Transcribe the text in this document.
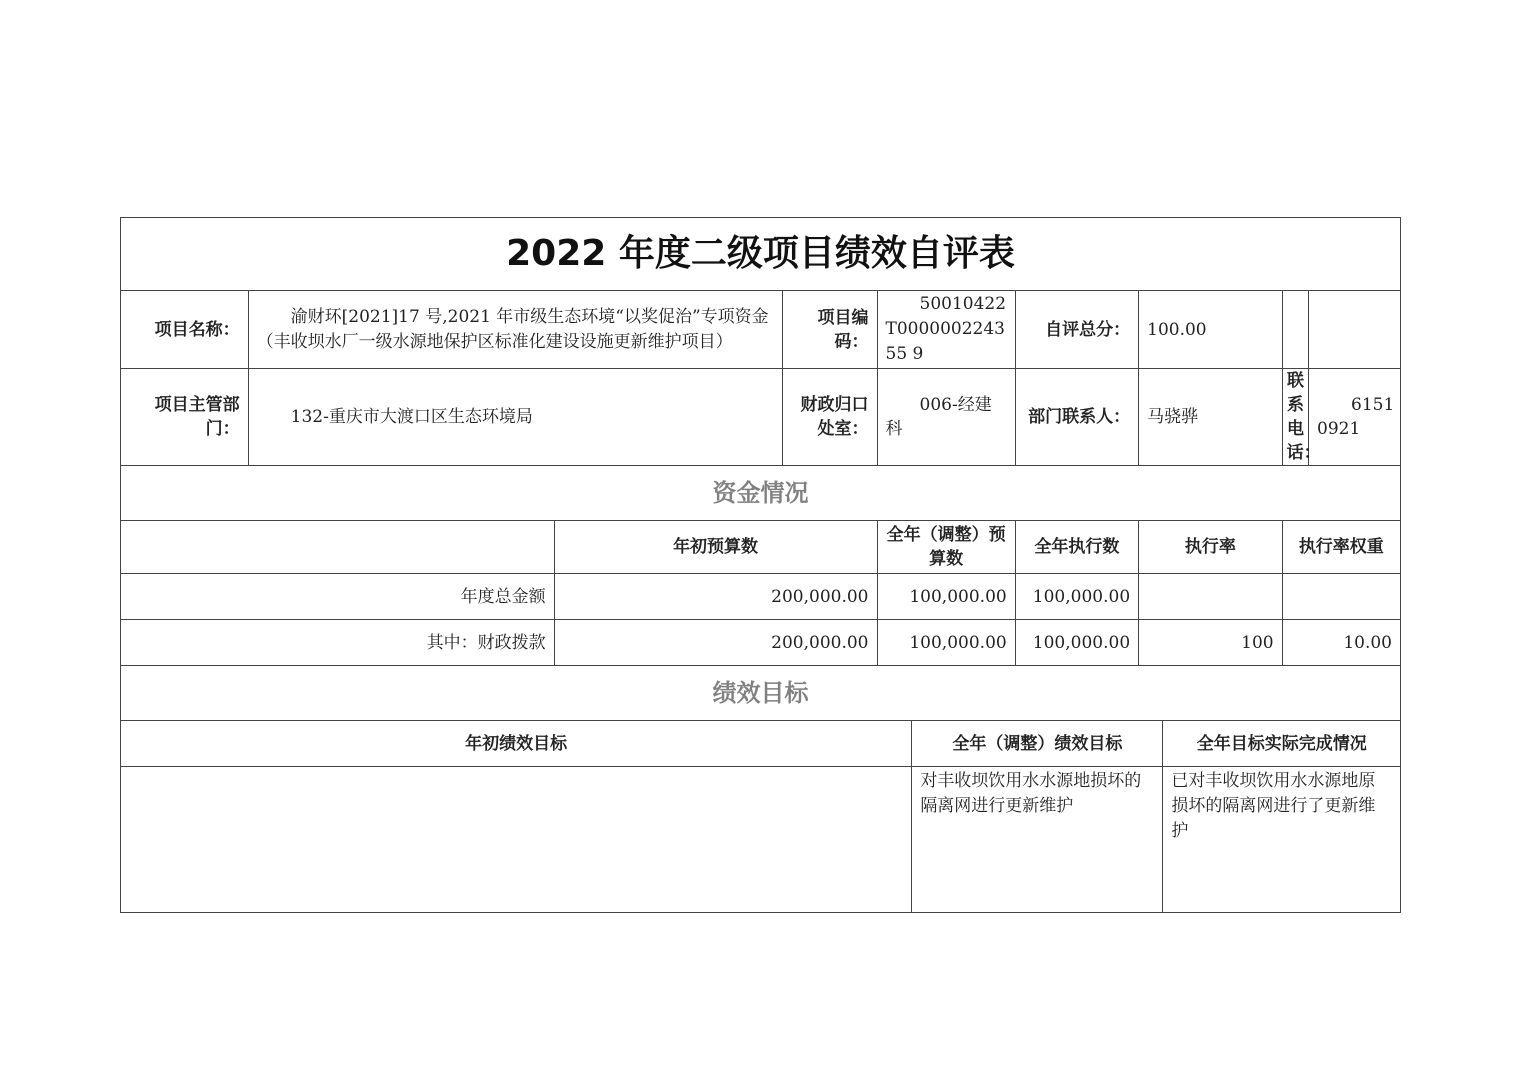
2022 年度二级项目绩效自评表										
项目名称：	渝财环[2021]17 号,2021 年市级生态环境“以奖促治”专项资金（丰收坝水厂一级水源地保护区标准化建设设施更新维护项目）		项目编码：	50010422T000000224355 9		自评总分：	100.00			
项目主管部门：	132-重庆市大渡口区生态环境局		财政归口处室：	006-经建科		部门联系人：	马骁骅		联系电话：	6151 0921
资金情况										
		年初预算数		全年（调整）预算数		全年执行数	执行率		执行率权重	
年度总金额		200,000.00		100,000.00		100,000.00				
其中：财政拨款		200,000.00		100,000.00		100,000.00	100		10.00	
绩效目标										
年初绩效目标					全年（调整）绩效目标			全年目标实际完成情况		
					对丰收坝饮用水水源地损坏的隔离网进行更新维护			已对丰收坝饮用水水源地原损坏的隔离网进行了更新维护		
